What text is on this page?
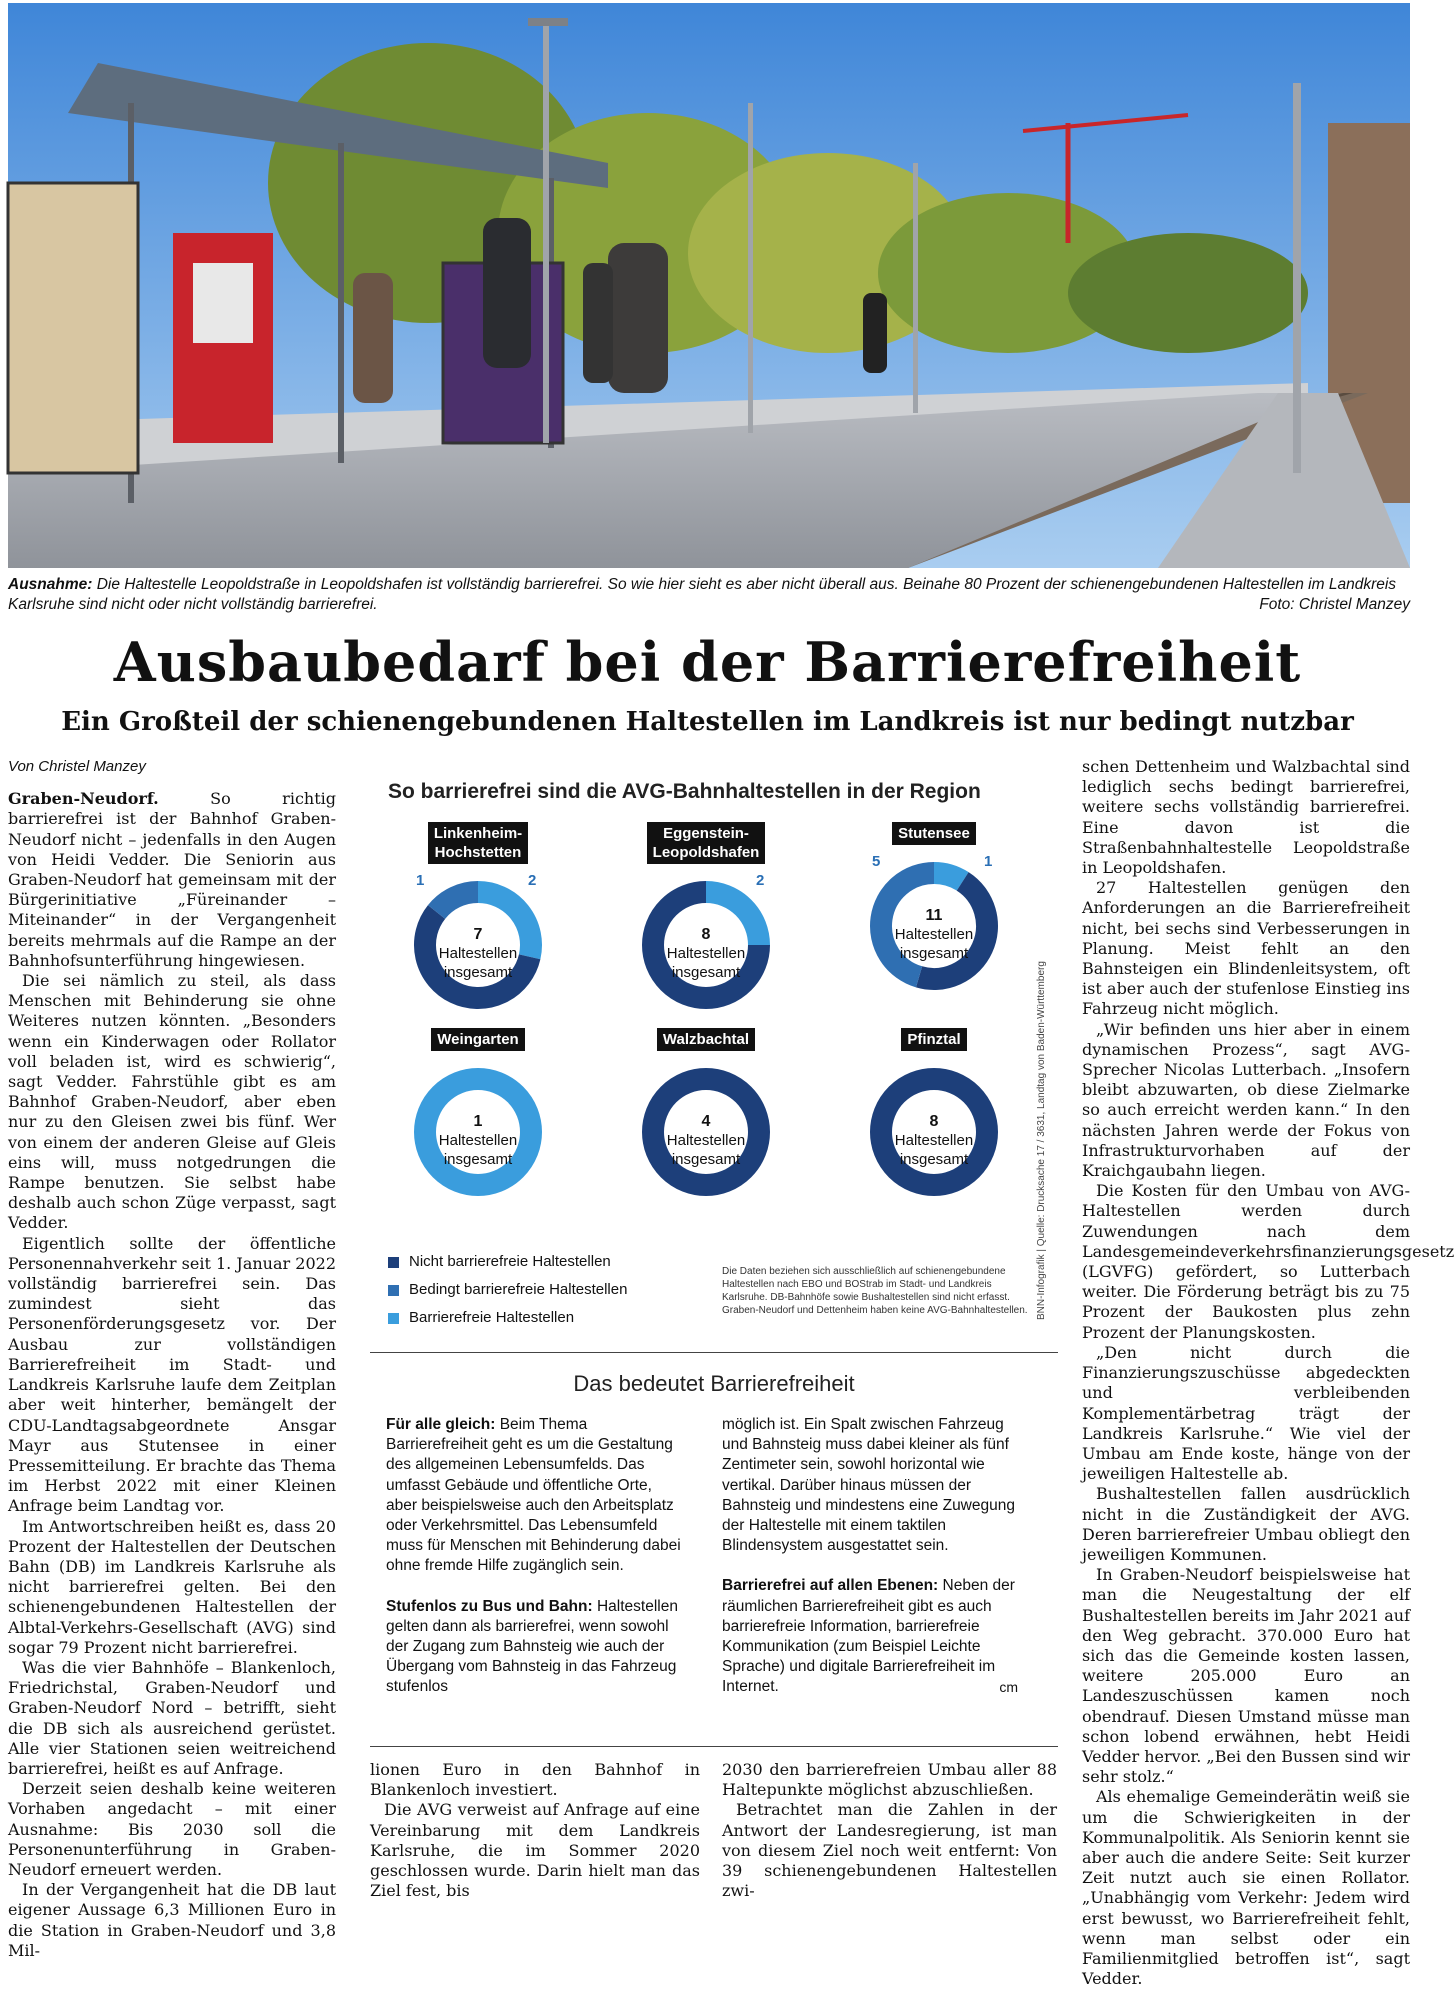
Ausnahme: Die Haltestelle Leopoldstraße in Leopoldshafen ist vollständig barrierefrei. So wie hier sieht es aber nicht überall aus. Beinahe 80 Prozent der schienengebundenen Haltestellen im Landkreis Karlsruhe sind nicht oder nicht vollständig barrierefrei.	Foto: Christel Manzey
Ausbaubedarf bei der Barrierefreiheit
Ein Großteil der schienengebundenen Haltestellen im Landkreis ist nur bedingt nutzbar
Von Christel Manzey

Graben-Neudorf. So richtig barrierefrei ist der Bahnhof Graben-Neudorf nicht – jedenfalls in den Augen von Heidi Vedder. Die Seniorin aus Graben-Neudorf hat gemeinsam mit der Bürgerinitiative „Füreinander – Miteinander“ in der Vergangenheit bereits mehrmals auf die Rampe an der Bahnhofsunterführung hingewiesen.

Die sei nämlich zu steil, als dass Menschen mit Behinderung sie ohne Weiteres nutzen könnten. „Besonders wenn ein Kinderwagen oder Rollator voll beladen ist, wird es schwierig“, sagt Vedder. Fahrstühle gibt es am Bahnhof Graben-Neudorf, aber eben nur zu den Gleisen zwei bis fünf. Wer von einem der anderen Gleise auf Gleis eins will, muss notgedrungen die Rampe benutzen. Sie selbst habe deshalb auch schon Züge verpasst, sagt Vedder.

Eigentlich sollte der öffentliche Personennahverkehr seit 1. Januar 2022 vollständig barrierefrei sein. Das zumindest sieht das Personenförderungsgesetz vor. Der Ausbau zur vollständigen Barrierefreiheit im Stadt- und Landkreis Karlsruhe laufe dem Zeitplan aber weit hinterher, bemängelt der CDU-Landtagsabgeordnete Ansgar Mayr aus Stutensee in einer Pressemitteilung. Er brachte das Thema im Herbst 2022 mit einer Kleinen Anfrage beim Landtag vor.

Im Antwortschreiben heißt es, dass 20 Prozent der Haltestellen der Deutschen Bahn (DB) im Landkreis Karlsruhe als nicht barrierefrei gelten. Bei den schienengebundenen Haltestellen der Albtal-Verkehrs-Gesellschaft (AVG) sind sogar 79 Prozent nicht barrierefrei.

Was die vier Bahnhöfe – Blankenloch, Friedrichstal, Graben-Neudorf und Graben-Neudorf Nord – betrifft, sieht die DB sich als ausreichend gerüstet. Alle vier Stationen seien weitreichend barrierefrei, heißt es auf Anfrage.

Derzeit seien deshalb keine weiteren Vorhaben angedacht – mit einer Ausnahme: Bis 2030 soll die Personenunterführung in Graben-Neudorf erneuert werden.

In der Vergangenheit hat die DB laut eigener Aussage 6,3 Millionen Euro in die Station in Graben-Neudorf und 3,8 Mil-

So barrierefrei sind die AVG-Bahnhaltestellen in der Region
Linkenheim-
Hochstetten
7
Haltestellen
insgesamt
1	2
Eggenstein-
Leopoldshafen
8
Haltestellen
insgesamt
2
Stutensee
11
Haltestellen
insgesamt
5	1
Weingarten
1
Haltestellen
insgesamt
Walzbachtal
4
Haltestellen
insgesamt
Pfinztal
8
Haltestellen
insgesamt
Nicht barrierefreie Haltestellen
Bedingt barrierefreie Haltestellen
Barrierefreie Haltestellen
Die Daten beziehen sich ausschließlich auf schienengebundene Haltestellen nach EBO und BOStrab im Stadt- und Landkreis Karlsruhe. DB-Bahnhöfe sowie Bushaltestellen sind nicht erfasst. Graben-Neudorf und Dettenheim haben keine AVG-Bahnhaltestellen. BNN-Infografik | Quelle: Drucksache 17 / 3631, Landtag von Baden-Württemberg
Das bedeutet Barrierefreiheit

Für alle gleich: Beim Thema Barrierefreiheit geht es um die Gestaltung des allgemeinen Lebensumfelds. Das umfasst Gebäude und öffentliche Orte, aber beispielsweise auch den Arbeitsplatz oder Verkehrsmittel. Das Lebensumfeld muss für Menschen mit Behinderung dabei ohne fremde Hilfe zugänglich sein.

Stufenlos zu Bus und Bahn: Haltestellen gelten dann als barrierefrei, wenn sowohl der Zugang zum Bahnsteig wie auch der Übergang vom Bahnsteig in das Fahrzeug stufenlos

möglich ist. Ein Spalt zwischen Fahrzeug und Bahnsteig muss dabei kleiner als fünf Zentimeter sein, sowohl horizontal wie vertikal. Darüber hinaus müssen der Bahnsteig und mindestens eine Zuwegung der Haltestelle mit einem taktilen Blindensystem ausgestattet sein.

Barrierefrei auf allen Ebenen: Neben der räumlichen Barrierefreiheit gibt es auch barrierefreie Information, barrierefreie Kommunikation (zum Beispiel Leichte Sprache) und digitale Barrierefreiheit im Internet.	cm

lionen Euro in den Bahnhof in Blankenloch investiert.

Die AVG verweist auf Anfrage auf eine Vereinbarung mit dem Landkreis Karlsruhe, die im Sommer 2020 geschlossen wurde. Darin hielt man das Ziel fest, bis

2030 den barrierefreien Umbau aller 88 Haltepunkte möglichst abzuschließen.

Betrachtet man die Zahlen in der Antwort der Landesregierung, ist man von diesem Ziel noch weit entfernt: Von 39 schienengebundenen Haltestellen zwi-

schen Dettenheim und Walzbachtal sind lediglich sechs bedingt barrierefrei, weitere sechs vollständig barrierefrei. Eine davon ist die Straßenbahnhaltestelle Leopoldstraße in Leopoldshafen.

27 Haltestellen genügen den Anforderungen an die Barrierefreiheit nicht, bei sechs sind Verbesserungen in Planung. Meist fehlt an den Bahnsteigen ein Blindenleitsystem, oft ist aber auch der stufenlose Einstieg ins Fahrzeug nicht möglich.

„Wir befinden uns hier aber in einem dynamischen Prozess“, sagt AVG-Sprecher Nicolas Lutterbach. „Insofern bleibt abzuwarten, ob diese Zielmarke so auch erreicht werden kann.“ In den nächsten Jahren werde der Fokus von Infrastrukturvorhaben auf der Kraichgaubahn liegen.

Die Kosten für den Umbau von AVG-Haltestellen werden durch Zuwendungen nach dem Landesgemeindeverkehrsfinanzierungsgesetz (LGVFG) gefördert, so Lutterbach weiter. Die Förderung beträgt bis zu 75 Prozent der Baukosten plus zehn Prozent der Planungskosten.

„Den nicht durch die Finanzierungszuschüsse abgedeckten und verbleibenden Komplementärbetrag trägt der Landkreis Karlsruhe.“ Wie viel der Umbau am Ende koste, hänge von der jeweiligen Haltestelle ab.

Bushaltestellen fallen ausdrücklich nicht in die Zuständigkeit der AVG. Deren barrierefreier Umbau obliegt den jeweiligen Kommunen.

In Graben-Neudorf beispielsweise hat man die Neugestaltung der elf Bushaltestellen bereits im Jahr 2021 auf den Weg gebracht. 370.000 Euro hat sich das die Gemeinde kosten lassen, weitere 205.000 Euro an Landeszuschüssen kamen noch obendrauf. Diesen Umstand müsse man schon lobend erwähnen, hebt Heidi Vedder hervor. „Bei den Bussen sind wir sehr stolz.“

Als ehemalige Gemeinderätin weiß sie um die Schwierigkeiten in der Kommunalpolitik. Als Seniorin kennt sie aber auch die andere Seite: Seit kurzer Zeit nutzt auch sie einen Rollator. „Unabhängig vom Verkehr: Jedem wird erst bewusst, wo Barrierefreiheit fehlt, wenn man selbst oder ein Familienmitglied betroffen ist“, sagt Vedder.
